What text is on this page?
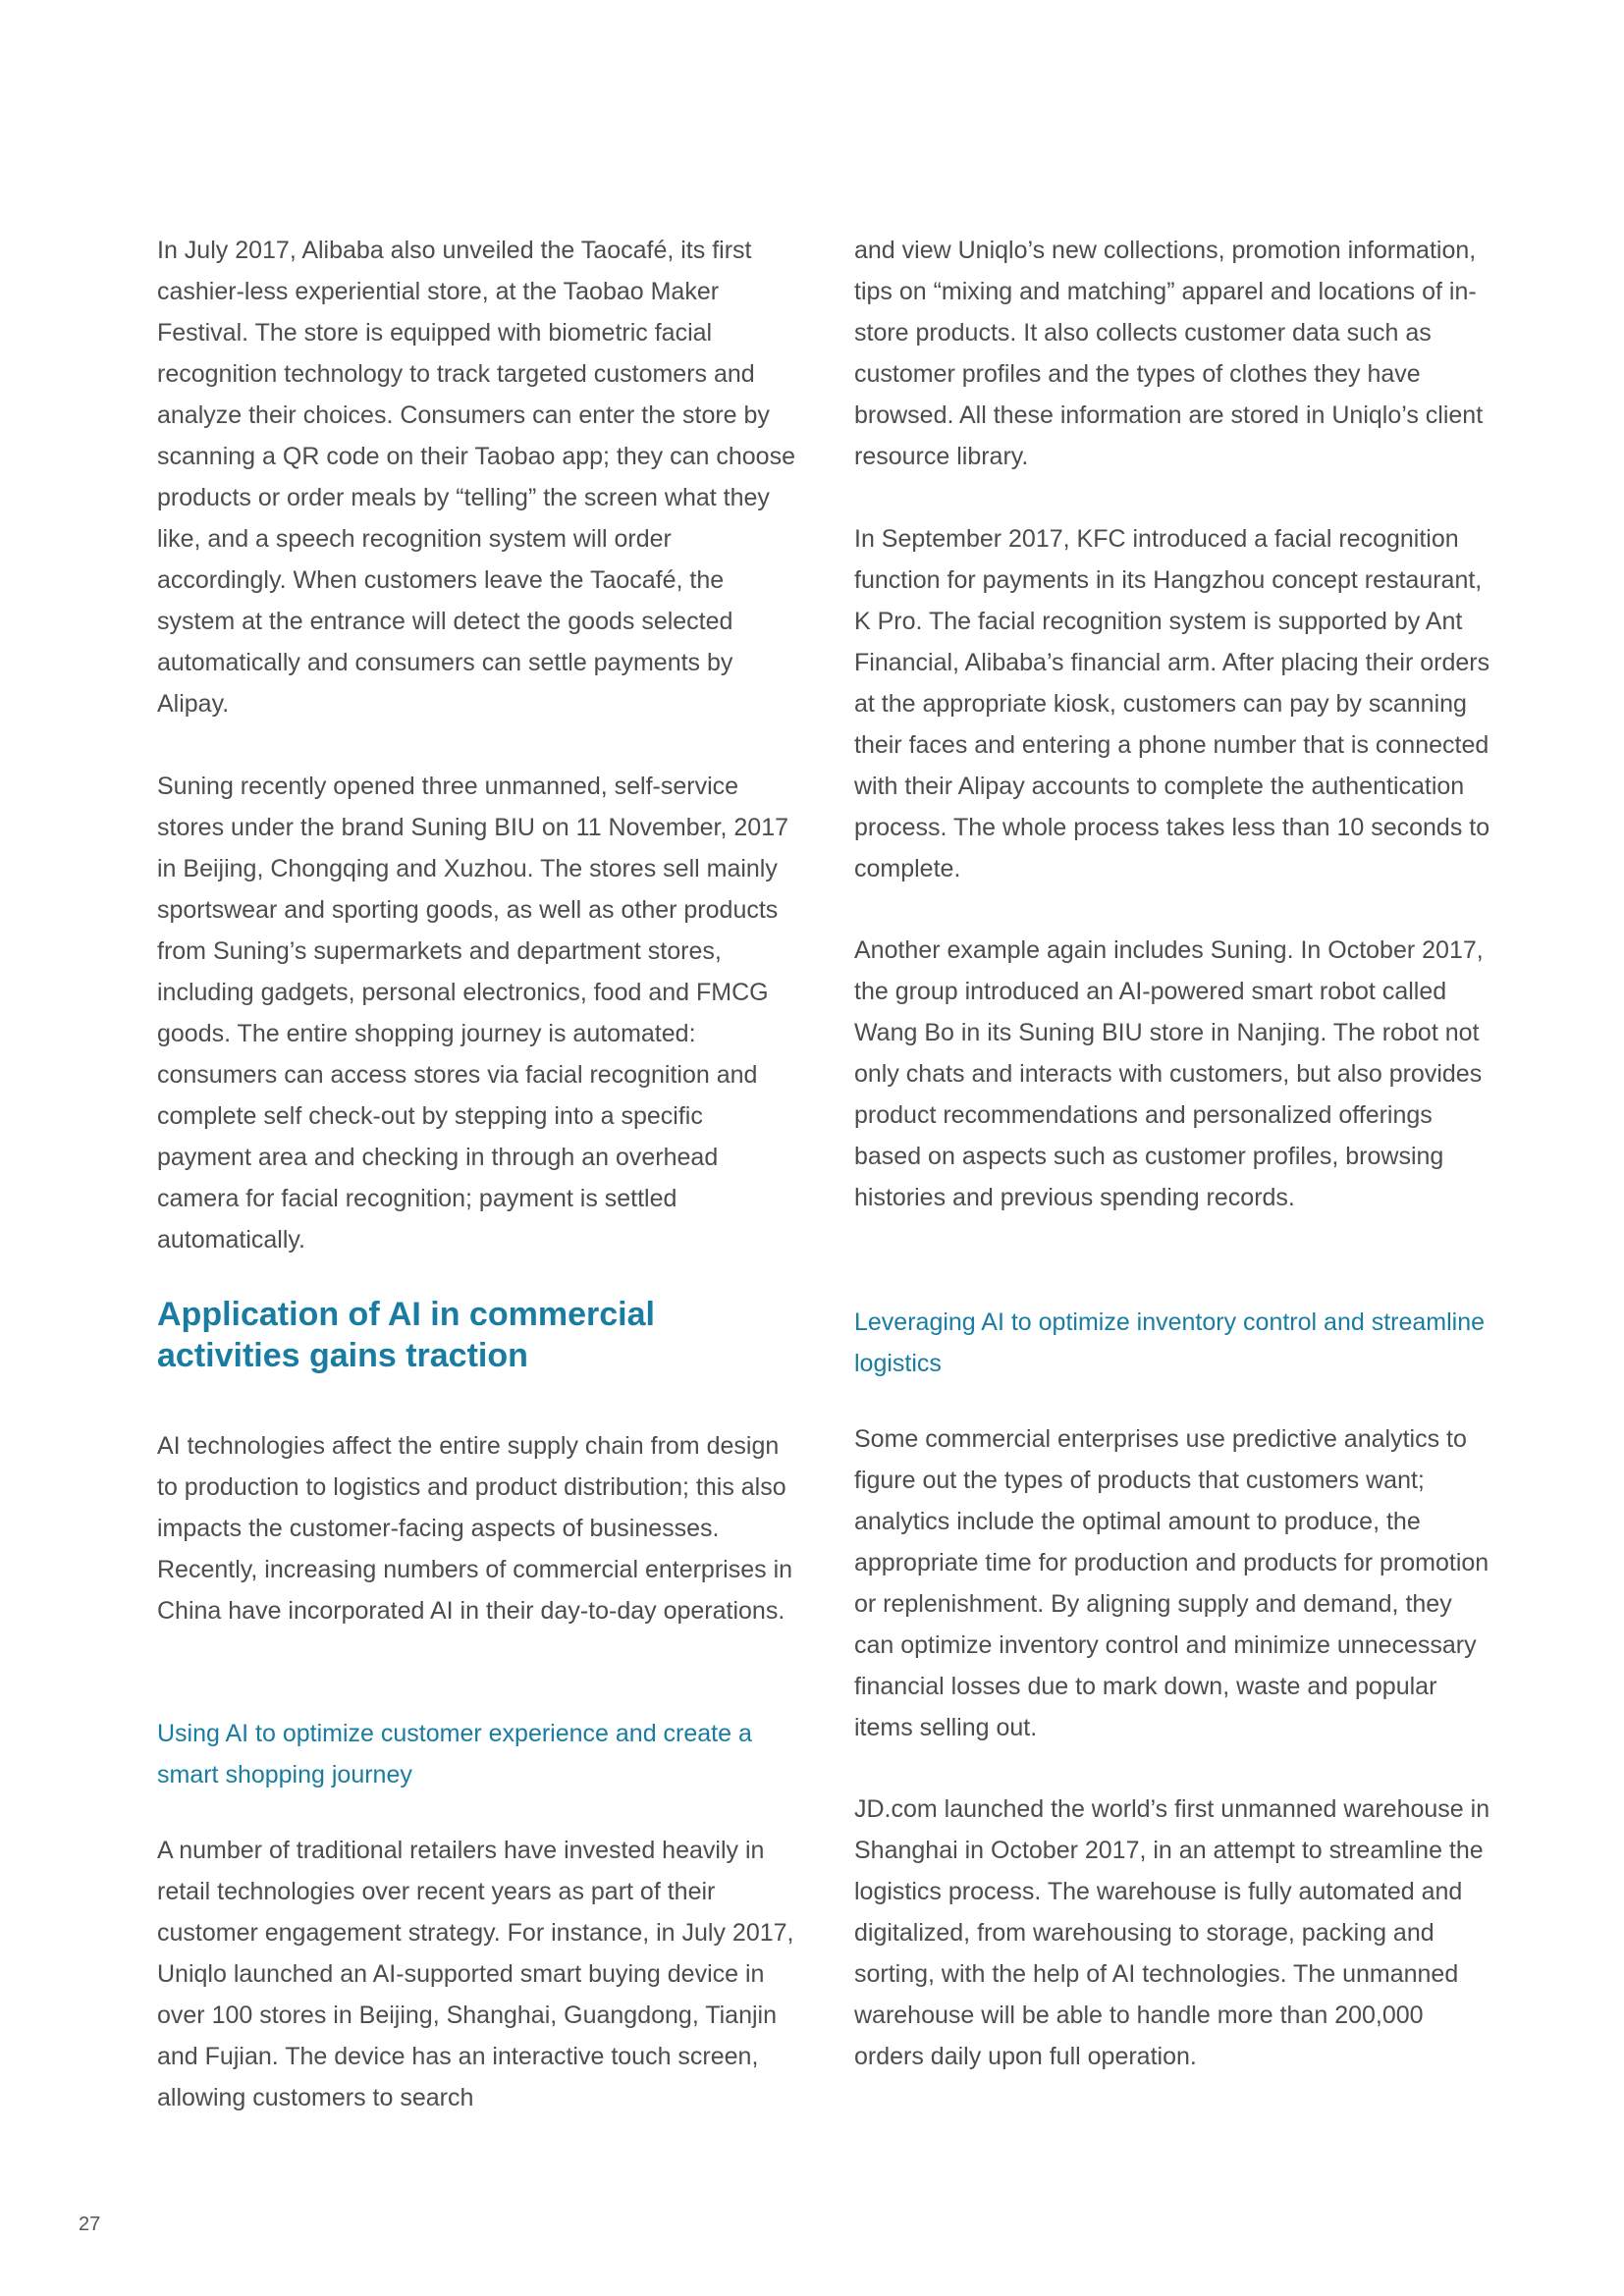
In July 2017, Alibaba also unveiled the Taocafé, its first cashier-less experiential store, at the Taobao Maker Festival. The store is equipped with biometric facial recognition technology to track targeted customers and analyze their choices. Consumers can enter the store by scanning a QR code on their Taobao app; they can choose products or order meals by “telling” the screen what they like, and a speech recognition system will order accordingly. When customers leave the Taocafé, the system at the entrance will detect the goods selected automatically and consumers can settle payments by Alipay.

Suning recently opened three unmanned, self-service stores under the brand Suning BIU on 11 November, 2017 in Beijing, Chongqing and Xuzhou. The stores sell mainly sportswear and sporting goods, as well as other products from Suning’s supermarkets and department stores, including gadgets, personal electronics, food and FMCG goods. The entire shopping journey is automated: consumers can access stores via facial recognition and complete self check-out by stepping into a specific payment area and checking in through an overhead camera for facial recognition; payment is settled automatically.

Application of AI in commercial activities gains traction

AI technologies affect the entire supply chain from design to production to logistics and product distribution; this also impacts the customer-facing aspects of businesses. Recently, increasing numbers of commercial enterprises in China have incorporated AI in their day-to-day operations.

Using AI to optimize customer experience and create a smart shopping journey

A number of traditional retailers have invested heavily in retail technologies over recent years as part of their customer engagement strategy. For instance, in July 2017, Uniqlo launched an AI-supported smart buying device in over 100 stores in Beijing, Shanghai, Guangdong, Tianjin and Fujian. The device has an interactive touch screen, allowing customers to search

and view Uniqlo’s new collections, promotion information, tips on “mixing and matching” apparel and locations of in-store products. It also collects customer data such as customer profiles and the types of clothes they have browsed. All these information are stored in Uniqlo’s client resource library.

In September 2017, KFC introduced a facial recognition function for payments in its Hangzhou concept restaurant, K Pro. The facial recognition system is supported by Ant Financial, Alibaba’s financial arm. After placing their orders at the appropriate kiosk, customers can pay by scanning their faces and entering a phone number that is connected with their Alipay accounts to complete the authentication process. The whole process takes less than 10 seconds to complete.

Another example again includes Suning. In October 2017, the group introduced an AI-powered smart robot called Wang Bo in its Suning BIU store in Nanjing. The robot not only chats and interacts with customers, but also provides product recommendations and personalized offerings based on aspects such as customer profiles, browsing histories and previous spending records.

Leveraging AI to optimize inventory control and streamline logistics

Some commercial enterprises use predictive analytics to figure out the types of products that customers want; analytics include the optimal amount to produce, the appropriate time for production and products for promotion or replenishment. By aligning supply and demand, they can optimize inventory control and minimize unnecessary financial losses due to mark down, waste and popular items selling out.

JD.com launched the world’s first unmanned warehouse in Shanghai in October 2017, in an attempt to streamline the logistics process. The warehouse is fully automated and digitalized, from warehousing to storage, packing and sorting, with the help of AI technologies. The unmanned warehouse will be able to handle more than 200,000 orders daily upon full operation.

27
